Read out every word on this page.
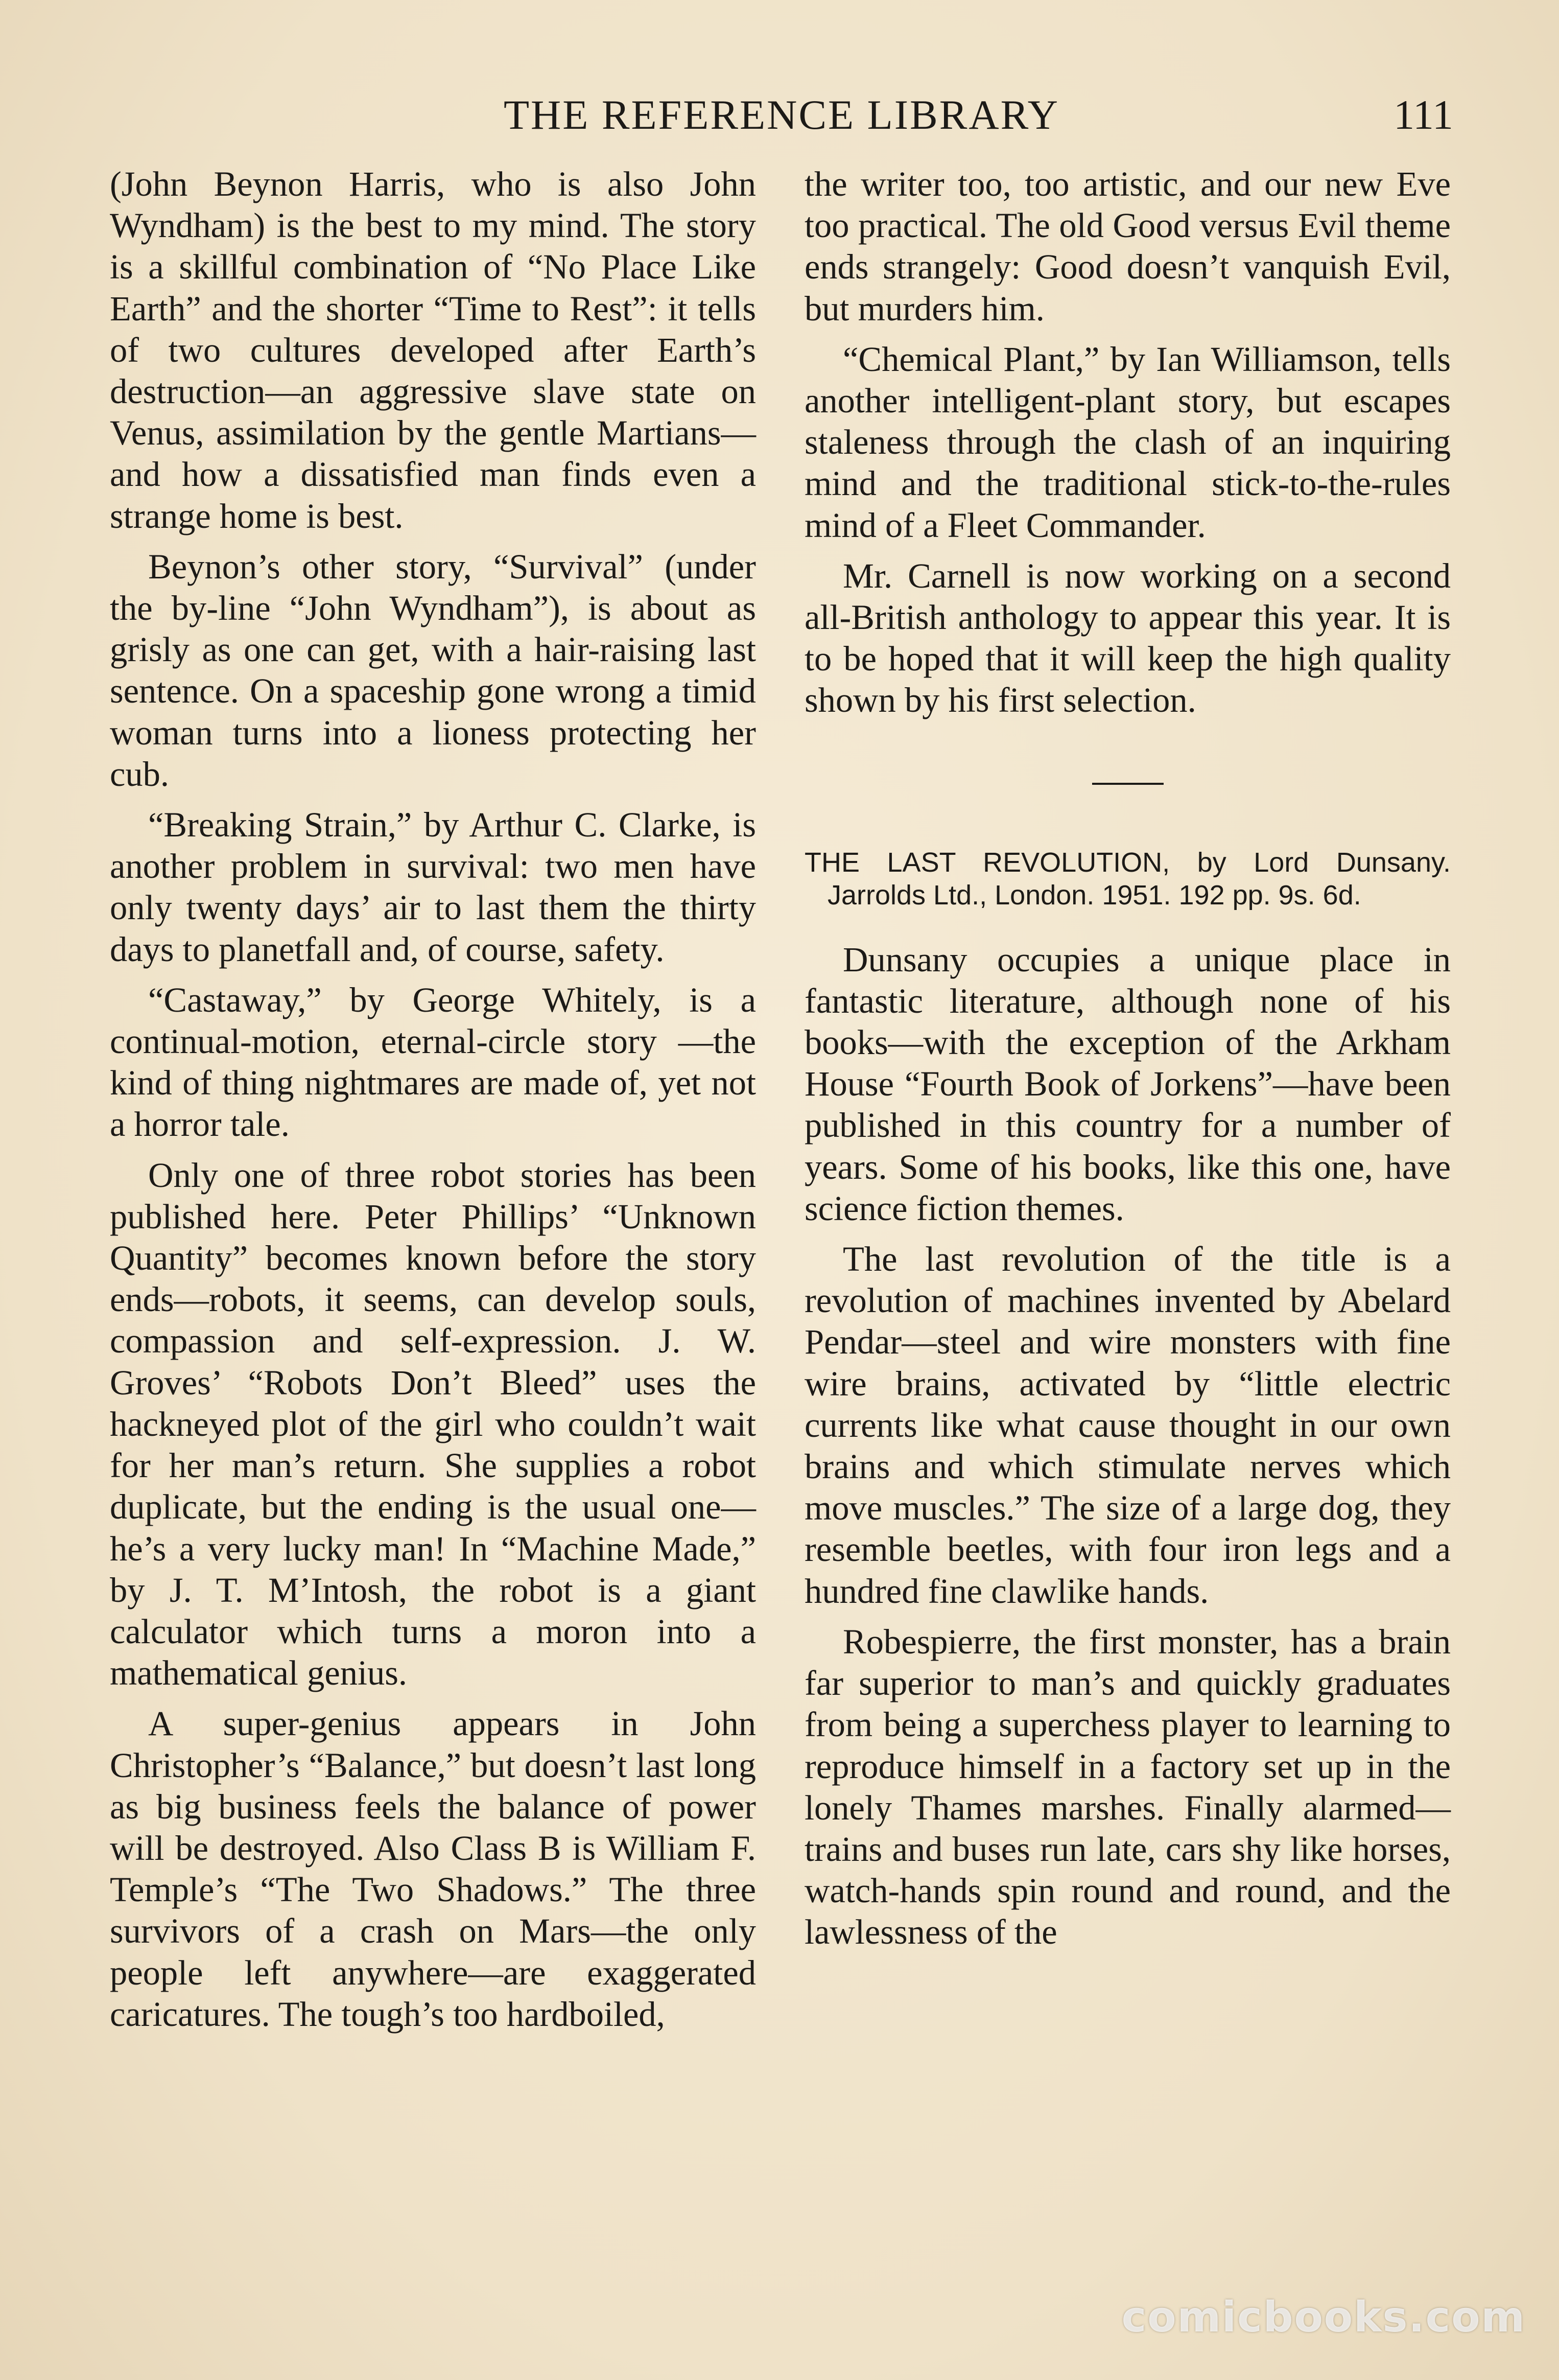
THE REFERENCE LIBRARY	111

(John Beynon Harris, who is also John Wyndham) is the best to my mind. The story is a skillful combination of “No Place Like Earth” and the shorter “Time to Rest”: it tells of two cultures developed after Earth’s destruction—an aggressive slave state on Venus, assimilation by the gentle Martians—and how a dissatisfied man finds even a strange home is best.

Beynon’s other story, “Survival” (under the by-line “John Wyndham”), is about as grisly as one can get, with a hair-raising last sentence. On a spaceship gone wrong a timid woman turns into a lioness protecting her cub.

“Breaking Strain,” by Arthur C. Clarke, is another problem in survival: two men have only twenty days’ air to last them the thirty days to planetfall and, of course, safety.

“Castaway,” by George Whitely, is a continual-motion, eternal-circle story —the kind of thing nightmares are made of, yet not a horror tale.

Only one of three robot stories has been published here. Peter Phillips’ “Unknown Quantity” becomes known before the story ends—robots, it seems, can develop souls, compassion and self-expression. J. W. Groves’ “Robots Don’t Bleed” uses the hackneyed plot of the girl who couldn’t wait for her man’s return. She supplies a robot duplicate, but the ending is the usual one—he’s a very lucky man! In “Machine Made,” by J. T. M’Intosh, the robot is a giant calculator which turns a moron into a mathematical genius.

A super-genius appears in John Christopher’s “Balance,” but doesn’t last long as big business feels the balance of power will be destroyed. Also Class B is William F. Temple’s “The Two Shadows.” The three survivors of a crash on Mars—the only people left anywhere—are exaggerated caricatures. The tough’s too hardboiled,

the writer too, too artistic, and our new Eve too practical. The old Good versus Evil theme ends strangely: Good doesn’t vanquish Evil, but murders him.

“Chemical Plant,” by Ian Williamson, tells another intelligent-plant story, but escapes staleness through the clash of an inquiring mind and the traditional stick-to-the-rules mind of a Fleet Commander.

Mr. Carnell is now working on a second all-British anthology to appear this year. It is to be hoped that it will keep the high quality shown by his first selection.

THE LAST REVOLUTION, by Lord Dunsany. Jarrolds Ltd., London. 1951. 192 pp. 9s. 6d.

Dunsany occupies a unique place in fantastic literature, although none of his books—with the exception of the Arkham House “Fourth Book of Jorkens”—have been published in this country for a number of years. Some of his books, like this one, have science fiction themes.

The last revolution of the title is a revolution of machines invented by Abelard Pendar—steel and wire monsters with fine wire brains, activated by “little electric currents like what cause thought in our own brains and which stimulate nerves which move muscles.” The size of a large dog, they resemble beetles, with four iron legs and a hundred fine clawlike hands.

Robespierre, the first monster, has a brain far superior to man’s and quickly graduates from being a superchess player to learning to reproduce himself in a factory set up in the lonely Thames marshes. Finally alarmed—trains and buses run late, cars shy like horses, watch-hands spin round and round, and the lawlessness of the

comicbooks.com
